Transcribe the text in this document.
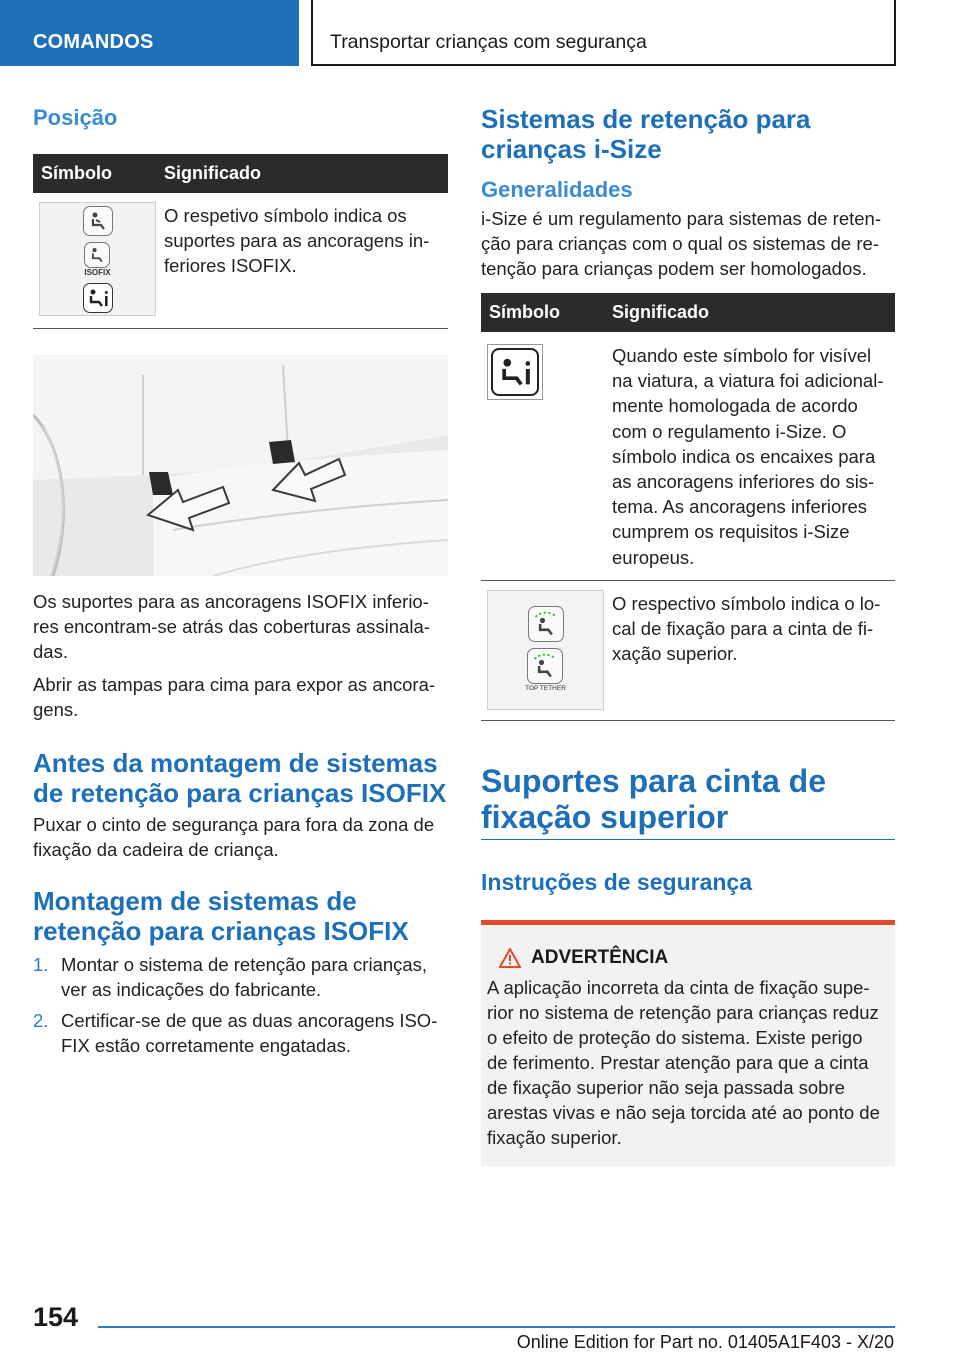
COMANDOS	Transportar crianças com segurança
Posição
Símbolo	Significado

ISOFIX	O respetivo símbolo indica os suportes para as ancoragens in-feriores ISOFIX.

Os suportes para as ancoragens ISOFIX inferio-res encontram-se atrás das coberturas assinala-das.

Abrir as tampas para cima para expor as ancora-gens.

Antes da montagem de sistemas de retenção para crianças ISOFIX

Puxar o cinto de segurança para fora da zona de fixação da cadeira de criança.

Montagem de sistemas de retenção para crianças ISOFIX
1. Montar o sistema de retenção para crianças, ver as indicações do fabricante.
2. Certificar-se de que as duas ancoragens ISO-FIX estão corretamente engatadas.
Sistemas de retenção para crianças i-Size
Generalidades

i-Size é um regulamento para sistemas de reten-ção para crianças com o qual os sistemas de re-tenção para crianças podem ser homologados.

Símbolo	Significado

	Quando este símbolo for visível na viatura, a viatura foi adicional-mente homologada de acordo com o regulamento i-Size. O símbolo indica os encaixes para as ancoragens inferiores do sis-tema. As ancoragens inferiores cumprem os requisitos i-Size europeus.

TOP TETHER	O respectivo símbolo indica o lo-cal de fixação para a cinta de fi-xação superior.
Suportes para cinta de fixação superior
Instruções de segurança
ADVERTÊNCIA

A aplicação incorreta da cinta de fixação supe-rior no sistema de retenção para crianças reduz o efeito de proteção do sistema. Existe perigo de ferimento. Prestar atenção para que a cinta de fixação superior não seja passada sobre arestas vivas e não seja torcida até ao ponto de fixação superior.

154
Online Edition for Part no. 01405A1F403 - X/20
